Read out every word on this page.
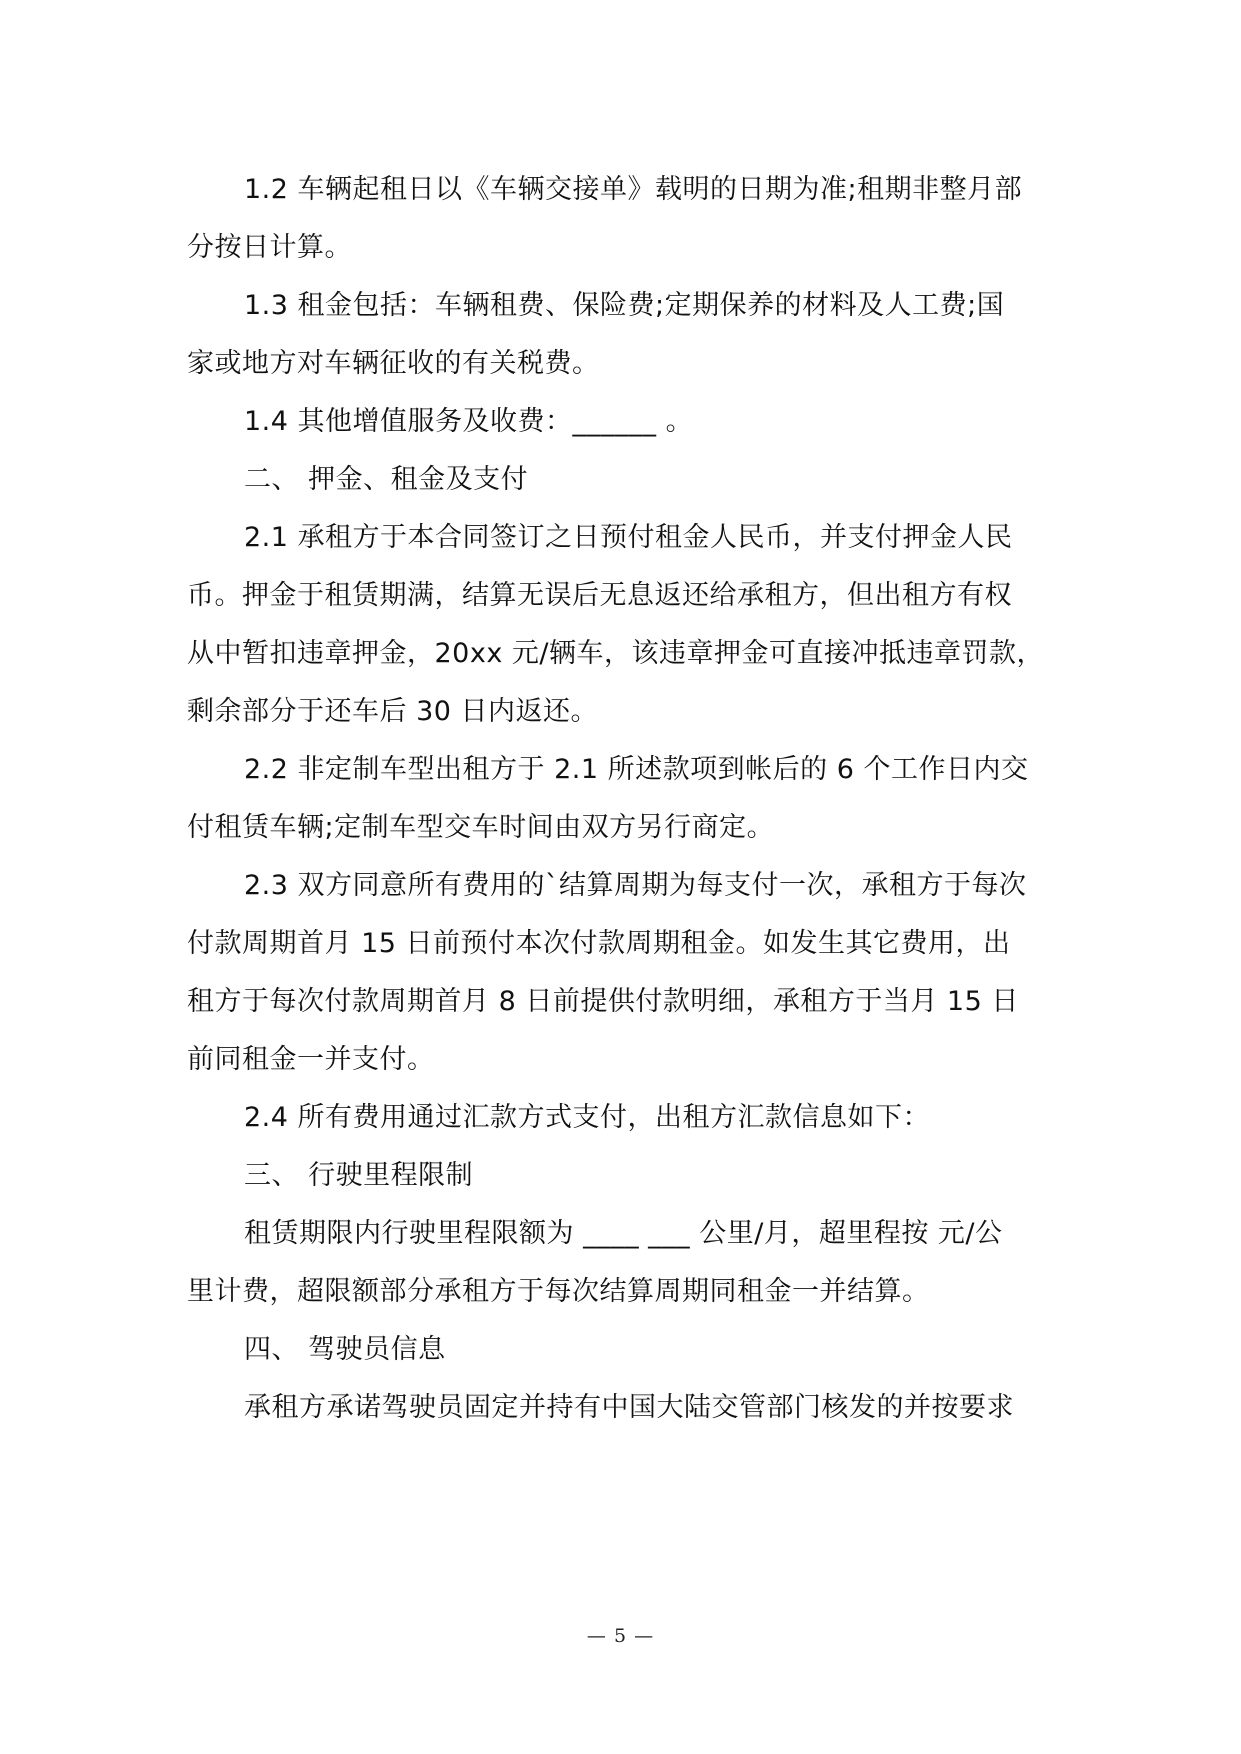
1.2 车辆起租日以《车辆交接单》载明的日期为准;租期非整月部
分按日计算。
1.3 租金包括：车辆租费、保险费;定期保养的材料及人工费;国
家或地方对车辆征收的有关税费。
1.4 其他增值服务及收费：______ 。
二、 押金、租金及支付
2.1 承租方于本合同签订之日预付租金人民币，并支付押金人民
币。押金于租赁期满，结算无误后无息返还给承租方，但出租方有权
从中暂扣违章押金，20xx 元/辆车，该违章押金可直接冲抵违章罚款，
剩余部分于还车后 30 日内返还。
2.2 非定制车型出租方于 2.1 所述款项到帐后的 6 个工作日内交
付租赁车辆;定制车型交车时间由双方另行商定。
2.3 双方同意所有费用的`结算周期为每支付一次，承租方于每次
付款周期首月 15 日前预付本次付款周期租金。如发生其它费用，出
租方于每次付款周期首月 8 日前提供付款明细，承租方于当月 15 日
前同租金一并支付。
2.4 所有费用通过汇款方式支付，出租方汇款信息如下：
三、 行驶里程限制
租赁期限内行驶里程限额为 ____ ___ 公里/月，超里程按 元/公
里计费，超限额部分承租方于每次结算周期同租金一并结算。
四、 驾驶员信息
承租方承诺驾驶员固定并持有中国大陆交管部门核发的并按要求
— 5 —
